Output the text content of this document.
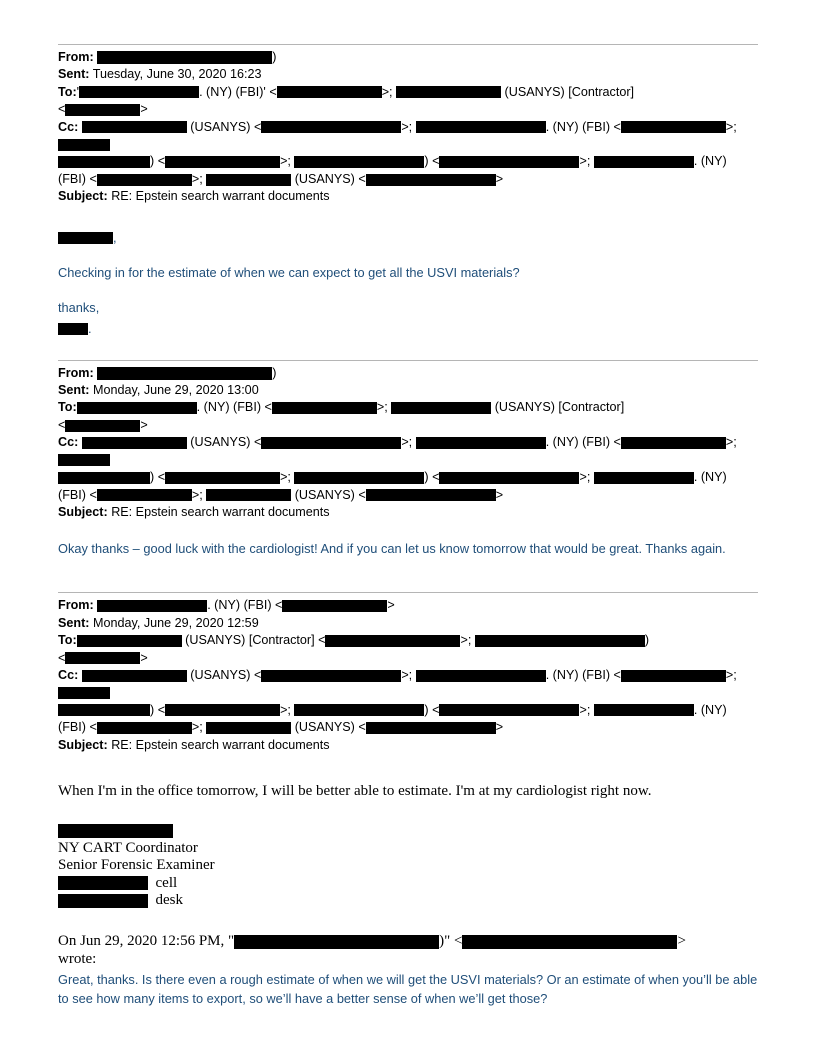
From:	)
Sent: Tuesday, June 30, 2020 16:23
To:'	. (NY) (FBI)' <	>;	(USANYS) [Contractor]
<	>
Cc:	(USANYS) <	>;	. (NY) (FBI) <	>;
) <	>;	) <	>;	. (NY)
(FBI) <	>;	(USANYS) <	>
Subject: RE: Epstein search warrant documents
,
Checking in for the estimate of when we can expect to get all the USVI materials?
thanks,
.
From:	)
Sent: Monday, June 29, 2020 13:00
To:	. (NY) (FBI) <	>;	(USANYS) [Contractor]
<	>
Cc:	(USANYS) <	>;	. (NY) (FBI) <	>;
) <	>;	) <	>;	. (NY)
(FBI) <	>;	(USANYS) <	>
Subject: RE: Epstein search warrant documents
Okay thanks – good luck with the cardiologist! And if you can let us know tomorrow that would be great. Thanks again.
From:	. (NY) (FBI) <	>
Sent: Monday, June 29, 2020 12:59
To:	(USANYS) [Contractor] <	>;	)
<	>
Cc:	(USANYS) <	>;	. (NY) (FBI) <	>;
) <	>;	) <	>;	. (NY)
(FBI) <	>;	(USANYS) <	>
Subject: RE: Epstein search warrant documents
When I'm in the office tomorrow, I will be better able to estimate. I'm at my cardiologist right now.
NY CART Coordinator
Senior Forensic Examiner
cell
desk
On Jun 29, 2020 12:56 PM, "	)" <	>
wrote:
Great, thanks. Is there even a rough estimate of when we will get the USVI materials? Or an estimate of when you’ll be able to see how many items to export, so we’ll have a better sense of when we’ll get those?
